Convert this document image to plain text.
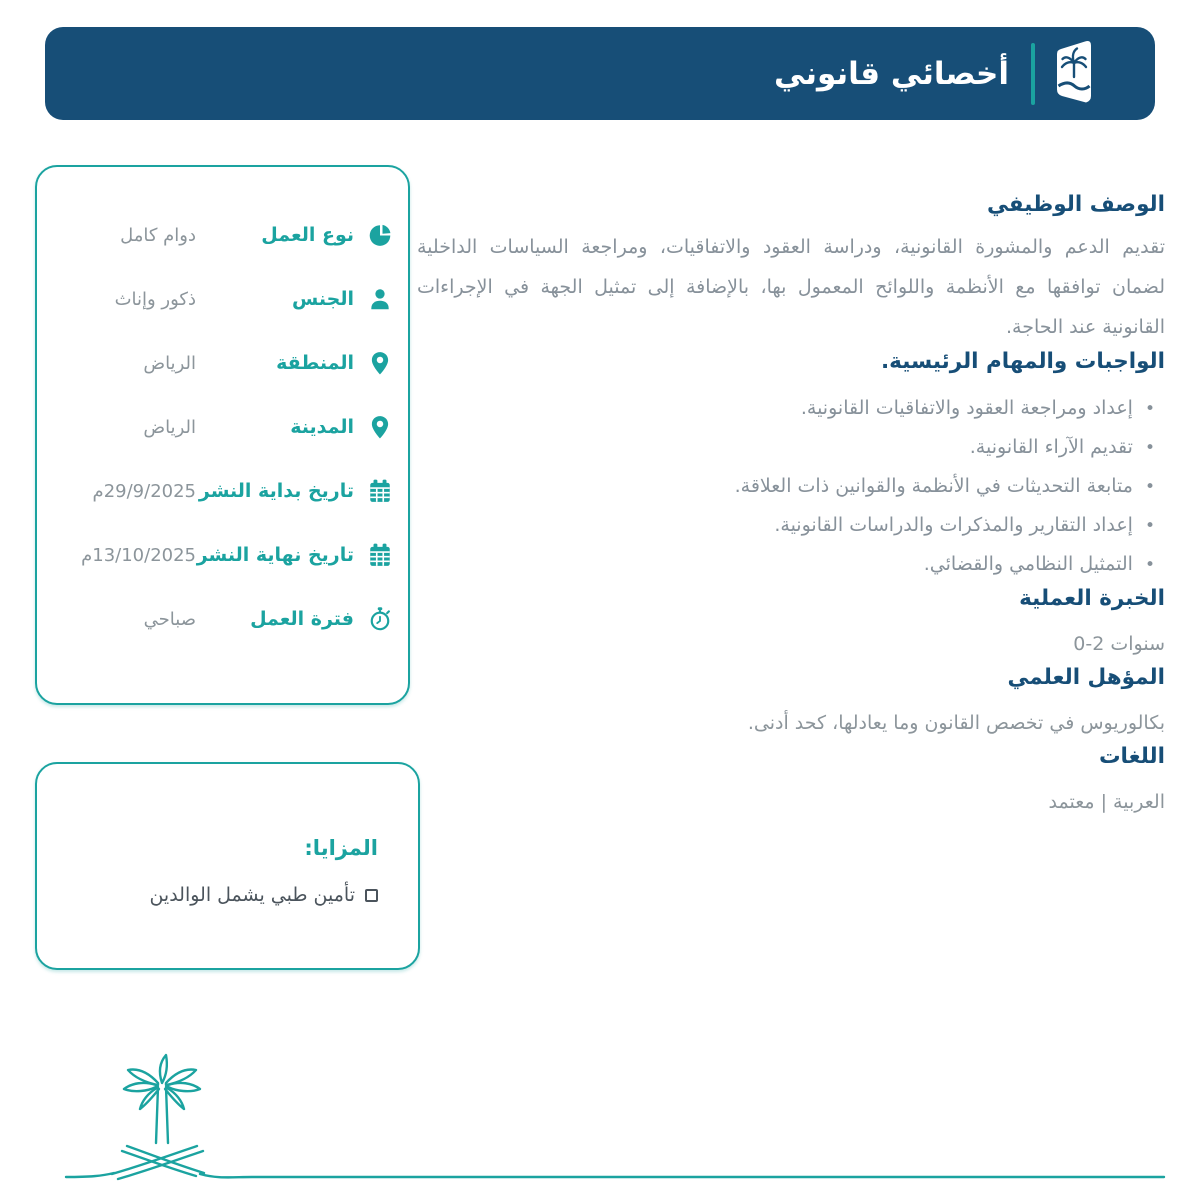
أخصائي قانوني
نوع العمل
دوام كامل
الجنس
ذكور وإناث
المنطقة
الرياض
المدينة
الرياض
تاريخ بداية النشر
29/9/2025م
تاريخ نهاية النشر
13/10/2025م
فترة العمل
صباحي
المزايا:
تأمين طبي يشمل الوالدين
الوصف الوظيفي

تقديم الدعم والمشورة القانونية، ودراسة العقود والاتفاقيات، ومراجعة السياسات الداخلية لضمان توافقها مع الأنظمة واللوائح المعمول بها، بالإضافة إلى تمثيل الجهة في الإجراءات القانونية عند الحاجة.

الواجبات والمهام الرئيسية.
•
إعداد ومراجعة العقود والاتفاقيات القانونية.
•
تقديم الآراء القانونية.
•
متابعة التحديثات في الأنظمة والقوانين ذات العلاقة.
•
إعداد التقارير والمذكرات والدراسات القانونية.
•
التمثيل النظامي والقضائي.
الخبرة العملية

0-2 سنوات

المؤهل العلمي

بكالوريوس في تخصص القانون وما يعادلها، كحد أدنى.

اللغات

العربية | معتمد
